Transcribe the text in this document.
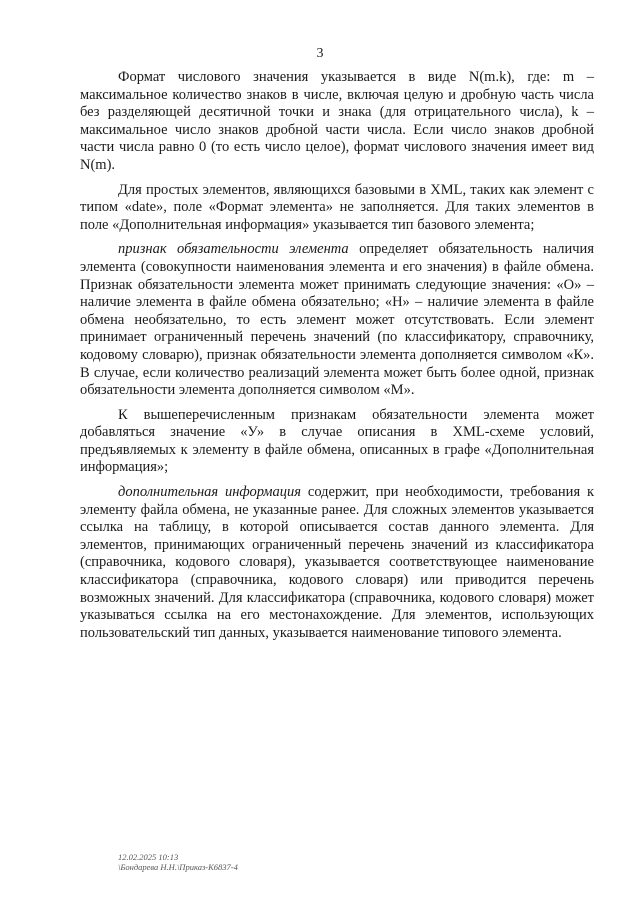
3

Формат числового значения указывается в виде N(m.k), где: m – максимальное количество знаков в числе, включая целую и дробную часть числа без разделяющей десятичной точки и знака (для отрицательного числа), k – максимальное число знаков дробной части числа. Если число знаков дробной части числа равно 0 (то есть число целое), формат числового значения имеет вид N(m).

Для простых элементов, являющихся базовыми в XML, таких как элемент с типом «date», поле «Формат элемента» не заполняется. Для таких элементов в поле «Дополнительная информация» указывается тип базового элемента;

признак обязательности элемента определяет обязательность наличия элемента (совокупности наименования элемента и его значения) в файле обмена. Признак обязательности элемента может принимать следующие значения: «О» – наличие элемента в файле обмена обязательно; «Н» – наличие элемента в файле обмена необязательно, то есть элемент может отсутствовать. Если элемент принимает ограниченный перечень значений (по классификатору, справочнику, кодовому словарю), признак обязательности элемента дополняется символом «К». В случае, если количество реализаций элемента может быть более одной, признак обязательности элемента дополняется символом «М».

К вышеперечисленным признакам обязательности элемента может добавляться значение «У» в случае описания в XML-схеме условий, предъявляемых к элементу в файле обмена, описанных в графе «Дополнительная информация»;

дополнительная информация содержит, при необходимости, требования к элементу файла обмена, не указанные ранее. Для сложных элементов указывается ссылка на таблицу, в которой описывается состав данного элемента. Для элементов, принимающих ограниченный перечень значений из классификатора (справочника, кодового словаря), указывается соответствующее наименование классификатора (справочника, кодового словаря) или приводится перечень возможных значений. Для классификатора (справочника, кодового словаря) может указываться ссылка на его местонахождение. Для элементов, использующих пользовательский тип данных, указывается наименование типового элемента.

12.02.2025 10:13
\Бондарева Н.Н.\Приказ-К6837-4
